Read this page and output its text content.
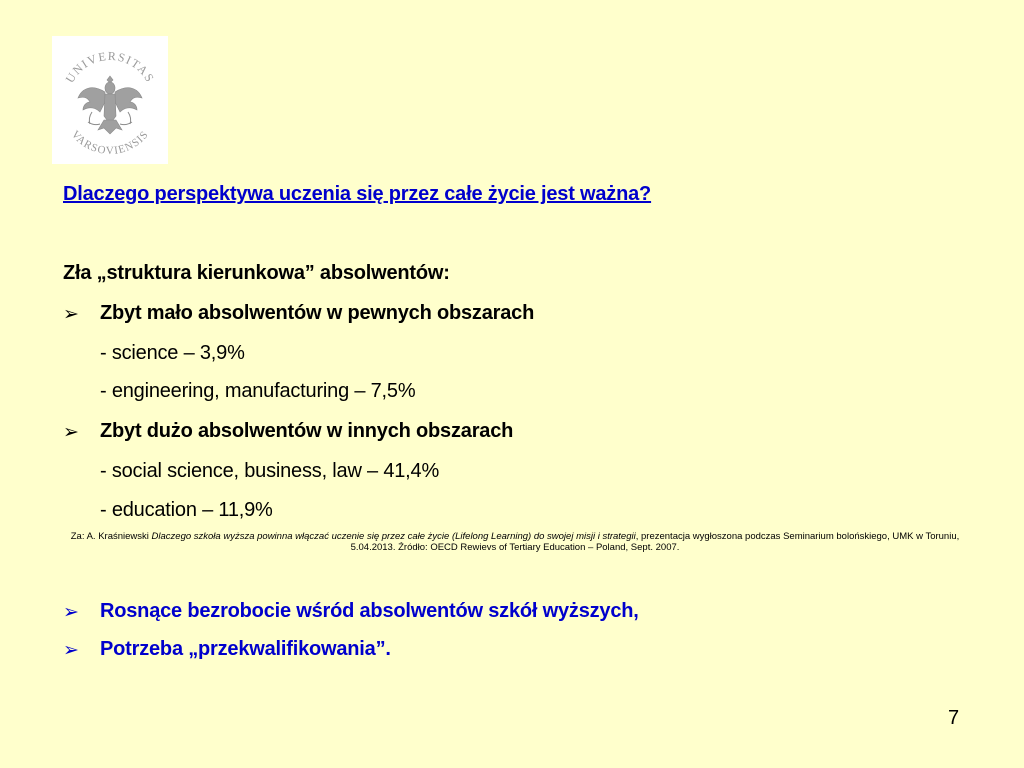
UNIVERSITAS
VARSOVIENSIS
Dlaczego perspektywa uczenia się przez całe życie jest ważna?
Zła „struktura kierunkowa” absolwentów:
➢ Zbyt mało absolwentów w pewnych obszarach
- science – 3,9%
- engineering, manufacturing – 7,5%
➢ Zbyt dużo absolwentów w innych obszarach
- social science, business, law – 41,4%
- education – 11,9%
Za: A. Kraśniewski Dlaczego szkoła wyższa powinna włączać uczenie się przez całe życie (Lifelong Learning) do swojej misji i strategii, prezentacja wygłoszona podczas Seminarium bolońskiego, UMK w Toruniu, 5.04.2013. Źródło: OECD Rewievs of Tertiary Education – Poland, Sept. 2007.
➢ Rosnące bezrobocie wśród absolwentów szkół wyższych,
➢ Potrzeba „przekwalifikowania”.
7
